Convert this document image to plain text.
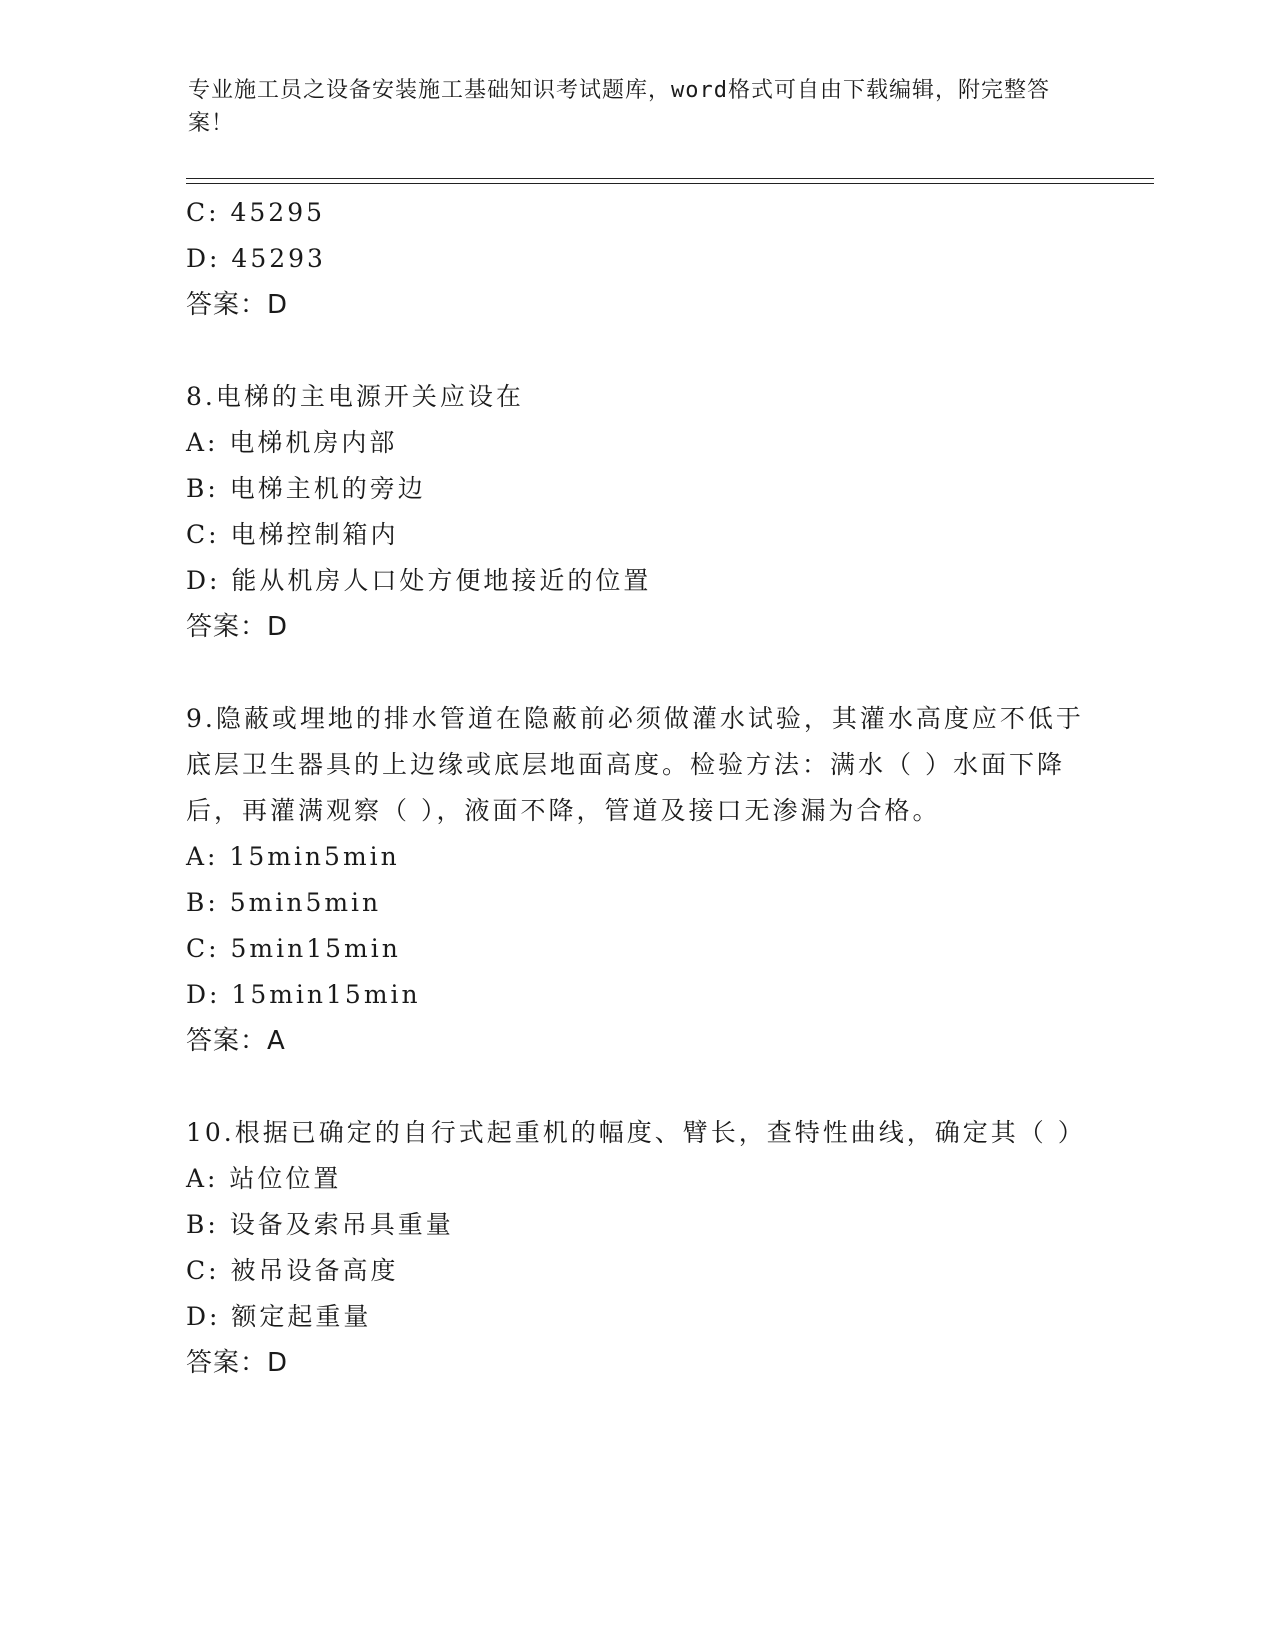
专业施工员之设备安装施工基础知识考试题库，word格式可自由下载编辑，附完整答案！

C: 45295

D: 45293

答案：D

8.电梯的主电源开关应设在

A: 电梯机房内部

B: 电梯主机的旁边

C: 电梯控制箱内

D: 能从机房人口处方便地接近的位置

答案：D

9.隐蔽或埋地的排水管道在隐蔽前必须做灌水试验，其灌水高度应不低于底层卫生器具的上边缘或底层地面高度。检验方法：满水（ ）水面下降后，再灌满观察（ ），液面不降，管道及接口无渗漏为合格。

A: 15min5min

B: 5min5min

C: 5min15min

D: 15min15min

答案：A

10.根据已确定的自行式起重机的幅度、臂长，查特性曲线，确定其（ ）

A: 站位位置

B: 设备及索吊具重量

C: 被吊设备高度

D: 额定起重量

答案：D
